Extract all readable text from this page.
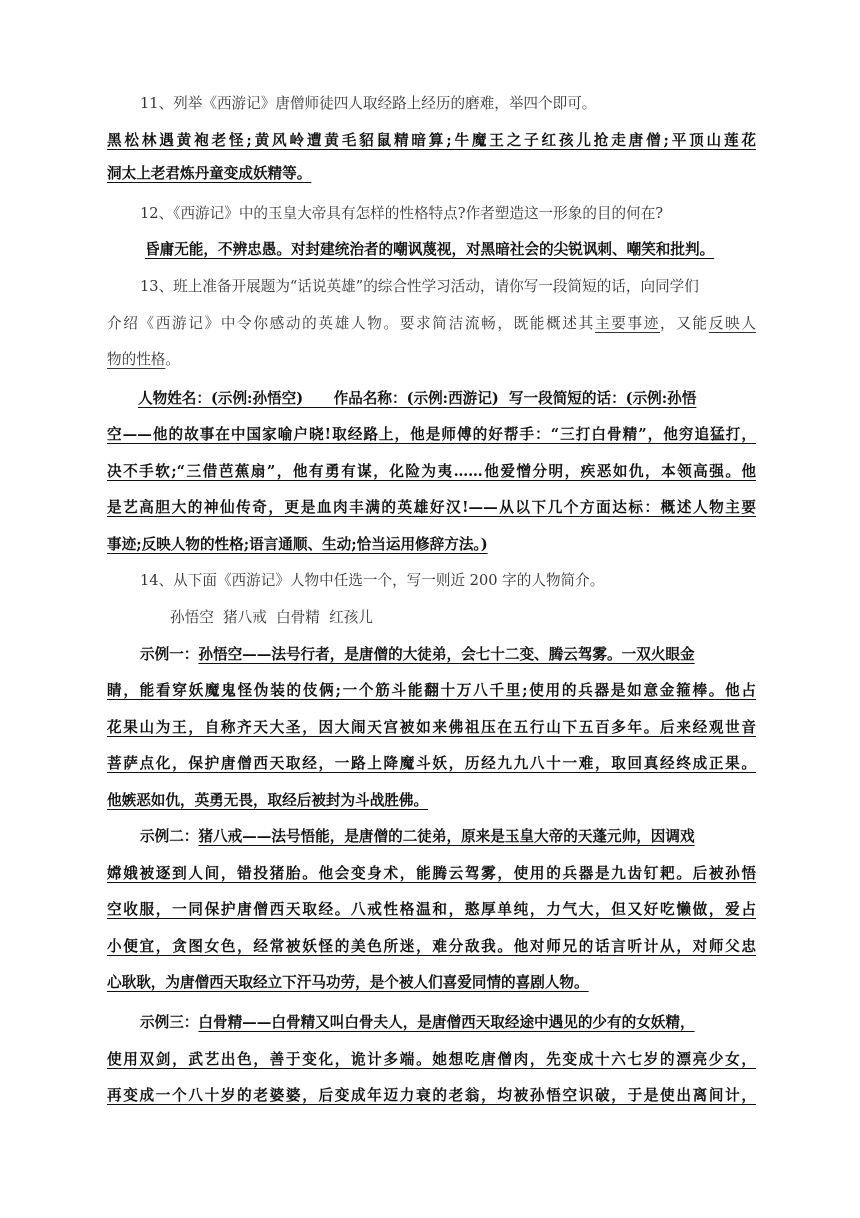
11、列举《西游记》唐僧师徒四人取经路上经历的磨难，举四个即可。
黑松林遇黄袍老怪;黄风岭遭黄毛貂鼠精暗算;牛魔王之子红孩儿抢走唐僧;平顶山莲花
洞太上老君炼丹童变成妖精等。
12、《西游记》中的玉皇大帝具有怎样的性格特点?作者塑造这一形象的目的何在?
昏庸无能，不辨忠愚。对封建统治者的嘲讽蔑视，对黑暗社会的尖锐讽刺、嘲笑和批判。
13、班上准备开展题为“话说英雄”的综合性学习活动，请你写一段简短的话，向同学们
介绍《西游记》中令你感动的英雄人物。要求简洁流畅，既能概述其主要事迹，又能反映人
物的性格。
人物姓名：(示例:孙悟空)      作品名称：(示例:西游记)  写一段简短的话：(示例:孙悟
空——他的故事在中国家喻户晓!取经路上，他是师傅的好帮手：“三打白骨精”，他穷追猛打，
决不手软;“三借芭蕉扇”，他有勇有谋，化险为夷……他爱憎分明，疾恶如仇，本领高强。他
是艺高胆大的神仙传奇，更是血肉丰满的英雄好汉!——从以下几个方面达标：概述人物主要
事迹;反映人物的性格;语言通顺、生动;恰当运用修辞方法。)
14、从下面《西游记》人物中任选一个，写一则近 200 字的人物简介。
孙悟空  猪八戒  白骨精  红孩儿
示例一：孙悟空——法号行者，是唐僧的大徒弟，会七十二变、腾云驾雾。一双火眼金
睛，能看穿妖魔鬼怪伪装的伎俩;一个筋斗能翻十万八千里;使用的兵器是如意金箍棒。他占
花果山为王，自称齐天大圣，因大闹天宫被如来佛祖压在五行山下五百多年。后来经观世音
菩萨点化，保护唐僧西天取经，一路上降魔斗妖，历经九九八十一难，取回真经终成正果。
他嫉恶如仇，英勇无畏，取经后被封为斗战胜佛。
示例二：猪八戒——法号悟能，是唐僧的二徒弟，原来是玉皇大帝的天蓬元帅，因调戏
嫦娥被逐到人间，错投猪胎。他会变身术，能腾云驾雾，使用的兵器是九齿钉耙。后被孙悟
空收服，一同保护唐僧西天取经。八戒性格温和，憨厚单纯，力气大，但又好吃懒做，爱占
小便宜，贪图女色，经常被妖怪的美色所迷，难分敌我。他对师兄的话言听计从，对师父忠
心耿耿，为唐僧西天取经立下汗马功劳，是个被人们喜爱同情的喜剧人物。
示例三：白骨精——白骨精又叫白骨夫人，是唐僧西天取经途中遇见的少有的女妖精，
使用双剑，武艺出色，善于变化，诡计多端。她想吃唐僧肉，先变成十六七岁的漂亮少女，
再变成一个八十岁的老婆婆，后变成年迈力衰的老翁，均被孙悟空识破，于是使出离间计，
